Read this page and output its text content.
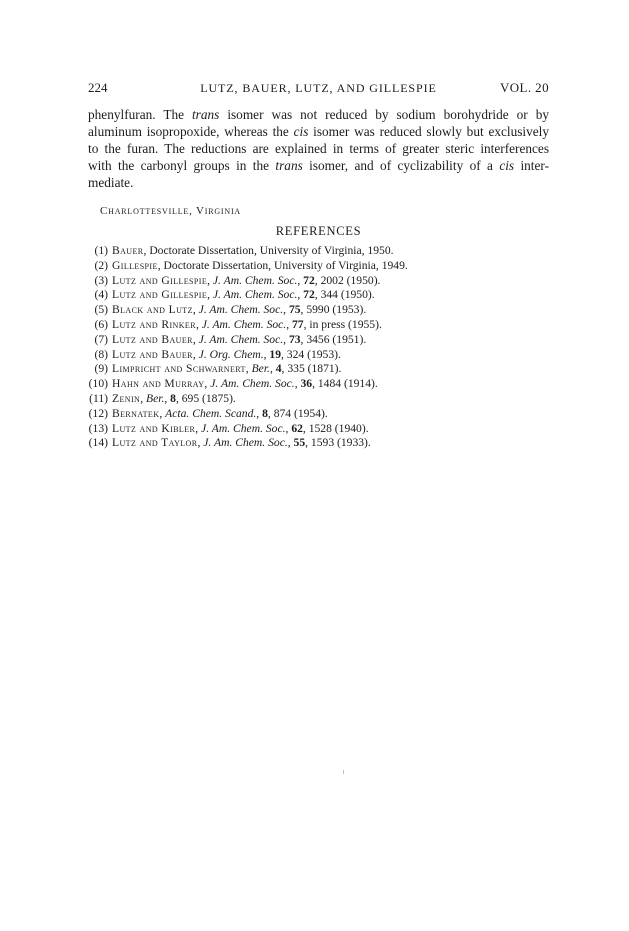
224	LUTZ, BAUER, LUTZ, AND GILLESPIE	VOL. 20
phenylfuran. The trans isomer was not reduced by sodium borohydride or by
aluminum isopropoxide, whereas the cis isomer was reduced slowly but exclusively
to the furan. The reductions are explained in terms of greater steric interferences
with the carbonyl groups in the trans isomer, and of cyclizability of a cis inter-
mediate.
Charlottesville, Virginia
REFERENCES
(1) Bauer, Doctorate Dissertation, University of Virginia, 1950.
(2) Gillespie, Doctorate Dissertation, University of Virginia, 1949.
(3) Lutz and Gillespie, J. Am. Chem. Soc., 72, 2002 (1950).
(4) Lutz and Gillespie, J. Am. Chem. Soc., 72, 344 (1950).
(5) Black and Lutz, J. Am. Chem. Soc., 75, 5990 (1953).
(6) Lutz and Rinker, J. Am. Chem. Soc., 77, in press (1955).
(7) Lutz and Bauer, J. Am. Chem. Soc., 73, 3456 (1951).
(8) Lutz and Bauer, J. Org. Chem., 19, 324 (1953).
(9) Limpricht and Schwarnert, Ber., 4, 335 (1871).
(10) Hahn and Murray, J. Am. Chem. Soc., 36, 1484 (1914).
(11) Zenin, Ber., 8, 695 (1875).
(12) Bernatek, Acta. Chem. Scand., 8, 874 (1954).
(13) Lutz and Kibler, J. Am. Chem. Soc., 62, 1528 (1940).
(14) Lutz and Taylor, J. Am. Chem. Soc., 55, 1593 (1933).
